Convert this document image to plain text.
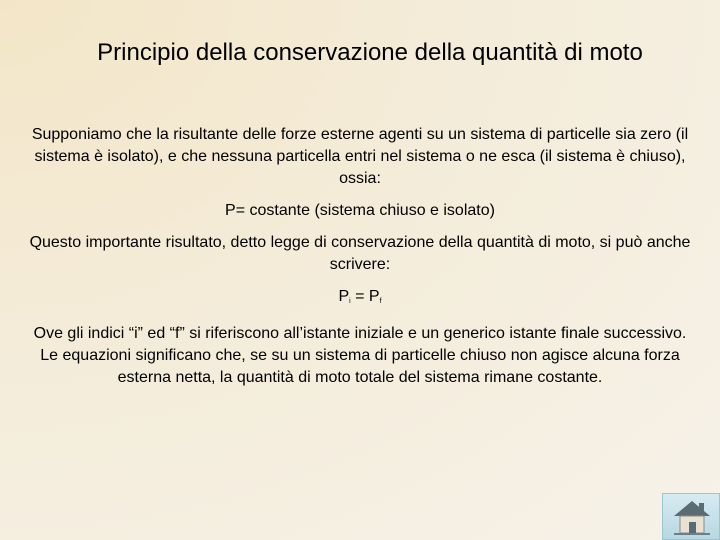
Principio della conservazione della quantità di moto

Supponiamo che la risultante delle forze esterne agenti su un sistema di particelle sia zero (il sistema è isolato), e che nessuna particella entri nel sistema o ne esca (il sistema è chiuso), ossia:

P= costante (sistema chiuso e isolato)

Questo importante risultato, detto legge di conservazione della quantità di moto, si può anche scrivere:

$P_i = P_f$

Ove gli indici “i” ed “f” si riferiscono all’istante iniziale e un generico istante finale successivo. Le equazioni significano che, se su un sistema di particelle chiuso non agisce alcuna forza esterna netta, la quantità di moto totale del sistema rimane costante.
